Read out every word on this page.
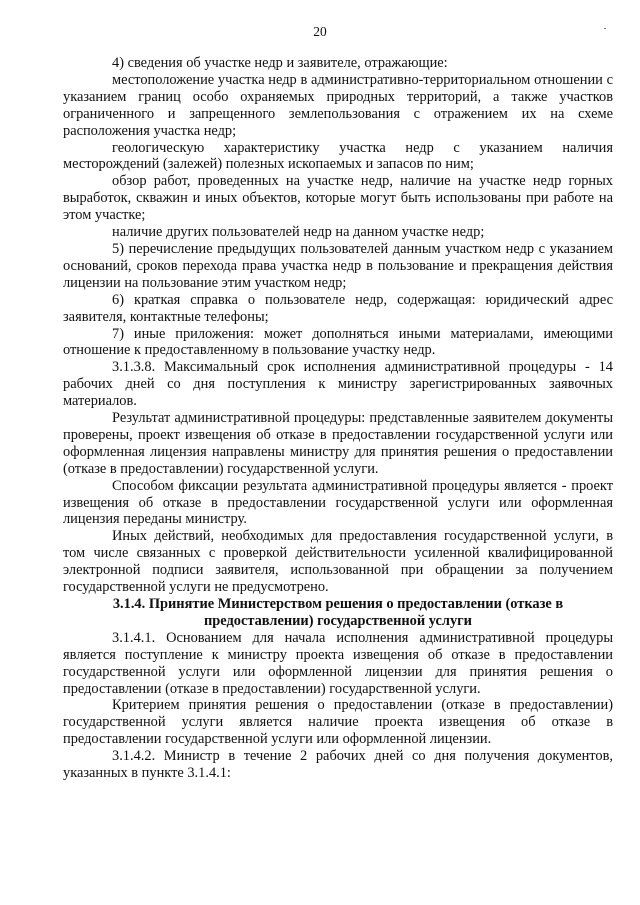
20

4) сведения об участке недр и заявителе, отражающие:

местоположение участка недр в административно-территориальном отношении с указанием границ особо охраняемых природных территорий, а также участков ограниченного и запрещенного землепользования с отражением их на схеме расположения участка недр;

геологическую характеристику участка недр с указанием наличия месторождений (залежей) полезных ископаемых и запасов по ним;

обзор работ, проведенных на участке недр, наличие на участке недр горных выработок, скважин и иных объектов, которые могут быть использованы при работе на этом участке;

наличие других пользователей недр на данном участке недр;

5) перечисление предыдущих пользователей данным участком недр с указанием оснований, сроков перехода права участка недр в пользование и прекращения действия лицензии на пользование этим участком недр;

6) краткая справка о пользователе недр, содержащая: юридический адрес заявителя, контактные телефоны;

7) иные приложения: может дополняться иными материалами, имеющими отношение к предоставленному в пользование участку недр.

3.1.3.8. Максимальный срок исполнения административной процедуры - 14 рабочих дней со дня поступления к министру зарегистрированных заявочных материалов.

Результат административной процедуры: представленные заявителем документы проверены, проект извещения об отказе в предоставлении государственной услуги или оформленная лицензия направлены министру для принятия решения о предоставлении (отказе в предоставлении) государственной услуги.

Способом фиксации результата административной процедуры является - проект извещения об отказе в предоставлении государственной услуги или оформленная лицензия переданы министру.

Иных действий, необходимых для предоставления государственной услуги, в том числе связанных с проверкой действительности усиленной квалифицированной электронной подписи заявителя, использованной при обращении за получением государственной услуги не предусмотрено.

3.1.4. Принятие Министерством решения о предоставлении (отказе в предоставлении) государственной услуги

3.1.4.1. Основанием для начала исполнения административной процедуры является поступление к министру проекта извещения об отказе в предоставлении государственной услуги или оформленной лицензии для принятия решения о предоставлении (отказе в предоставлении) государственной услуги.

Критерием принятия решения о предоставлении (отказе в предоставлении) государственной услуги является наличие проекта извещения об отказе в предоставлении государственной услуги или оформленной лицензии.

3.1.4.2. Министр в течение 2 рабочих дней со дня получения документов, указанных в пункте 3.1.4.1:
